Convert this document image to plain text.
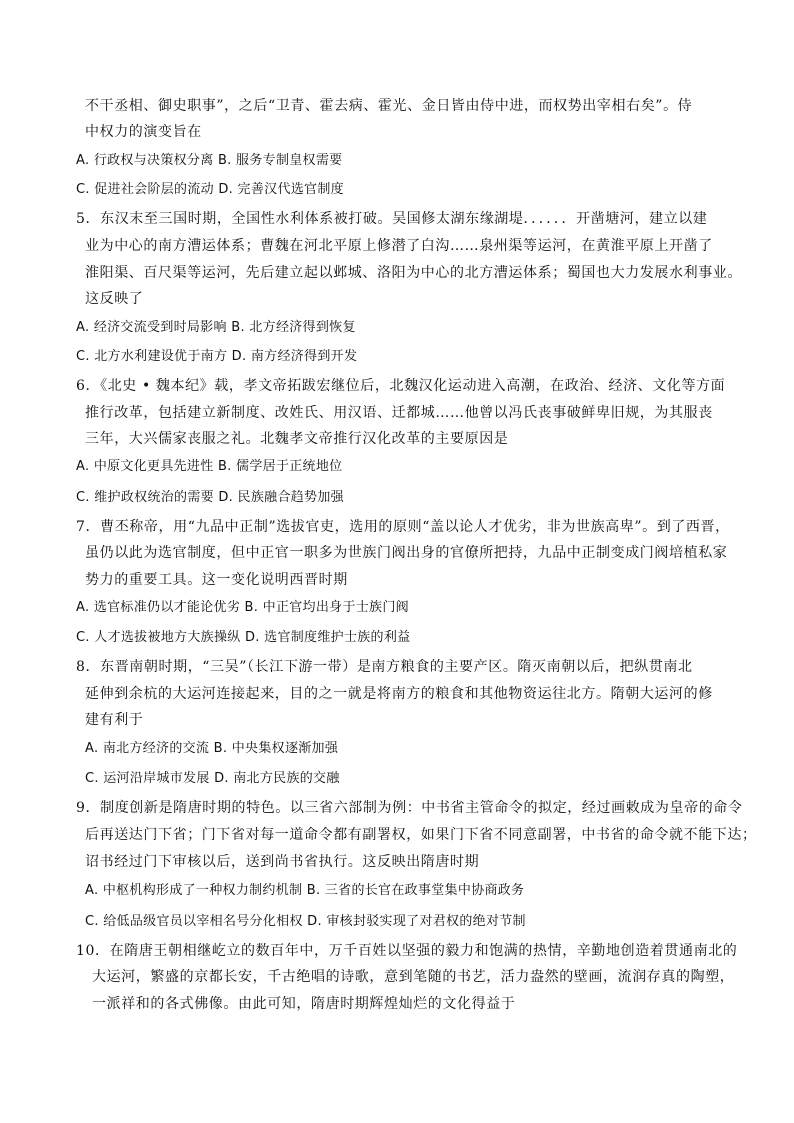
不干丞相、御史职事”，之后“卫青、霍去病、霍光、金日皆由侍中进，而权势出宰相右矣”。侍
中权力的演变旨在
A. 行政权与决策权分离 B. 服务专制皇权需要
C. 促进社会阶层的流动 D. 完善汉代选官制度
5．东汉末至三国时期，全国性水利体系被打破。吴国修太湖东缘湖堤．．．．．．开凿塘河，建立以建
业为中心的南方漕运体系；曹魏在河北平原上修潜了白沟……泉州渠等运河，在黄淮平原上开凿了
淮阳渠、百尺渠等运河，先后建立起以邺城、洛阳为中心的北方漕运体系；蜀国也大力发展水利事业。
这反映了
A. 经济交流受到时局影响 B. 北方经济得到恢复
C. 北方水利建设优于南方 D. 南方经济得到开发
6．《北史 • 魏本纪》载，孝文帝拓跋宏继位后，北魏汉化运动进入高潮，在政治、经济、文化等方面
推行改革，包括建立新制度、改姓氏、用汉语、迁都城……他曾以冯氏丧事破鲜卑旧规，为其服丧
三年，大兴儒家丧服之礼。北魏孝文帝推行汉化改革的主要原因是
A. 中原文化更具先进性 B. 儒学居于正统地位
C. 维护政权统治的需要 D. 民族融合趋势加强
7．曹丕称帝，用“九品中正制”选拔官吏，选用的原则“盖以论人才优劣，非为世族高卑”。到了西晋，
虽仍以此为选官制度，但中正官一职多为世族门阀出身的官僚所把持，九品中正制变成门阀培植私家
势力的重要工具。这一变化说明西晋时期
A. 选官标准仍以才能论优劣 B. 中正官均出身于士族门阀
C. 人才选拔被地方大族操纵 D. 选官制度维护士族的利益
8．东晋南朝时期，“三吴”（长江下游一带）是南方粮食的主要产区。隋灭南朝以后，把纵贯南北
延伸到余杭的大运河连接起来，目的之一就是将南方的粮食和其他物资运往北方。隋朝大运河的修
建有利于
A. 南北方经济的交流 B. 中央集权逐渐加强
C. 运河沿岸城市发展 D. 南北方民族的交融
9．制度创新是隋唐时期的特色。以三省六部制为例：中书省主管命令的拟定，经过画敕成为皇帝的命令
后再送达门下省；门下省对每一道命令都有副署权，如果门下省不同意副署，中书省的命令就不能下达；
诏书经过门下审核以后，送到尚书省执行。这反映出隋唐时期
A. 中枢机构形成了一种权力制约机制 B. 三省的长官在政事堂集中协商政务
C. 给低品级官员以宰相名号分化相权 D. 审核封驳实现了对君权的绝对节制
10．在隋唐王朝相继屹立的数百年中，万千百姓以坚强的毅力和饱满的热情，辛勤地创造着贯通南北的
大运河，繁盛的京都长安，千古绝唱的诗歌，意到笔随的书艺，活力盎然的壁画，流润存真的陶塑，
一派祥和的各式佛像。由此可知，隋唐时期辉煌灿烂的文化得益于
